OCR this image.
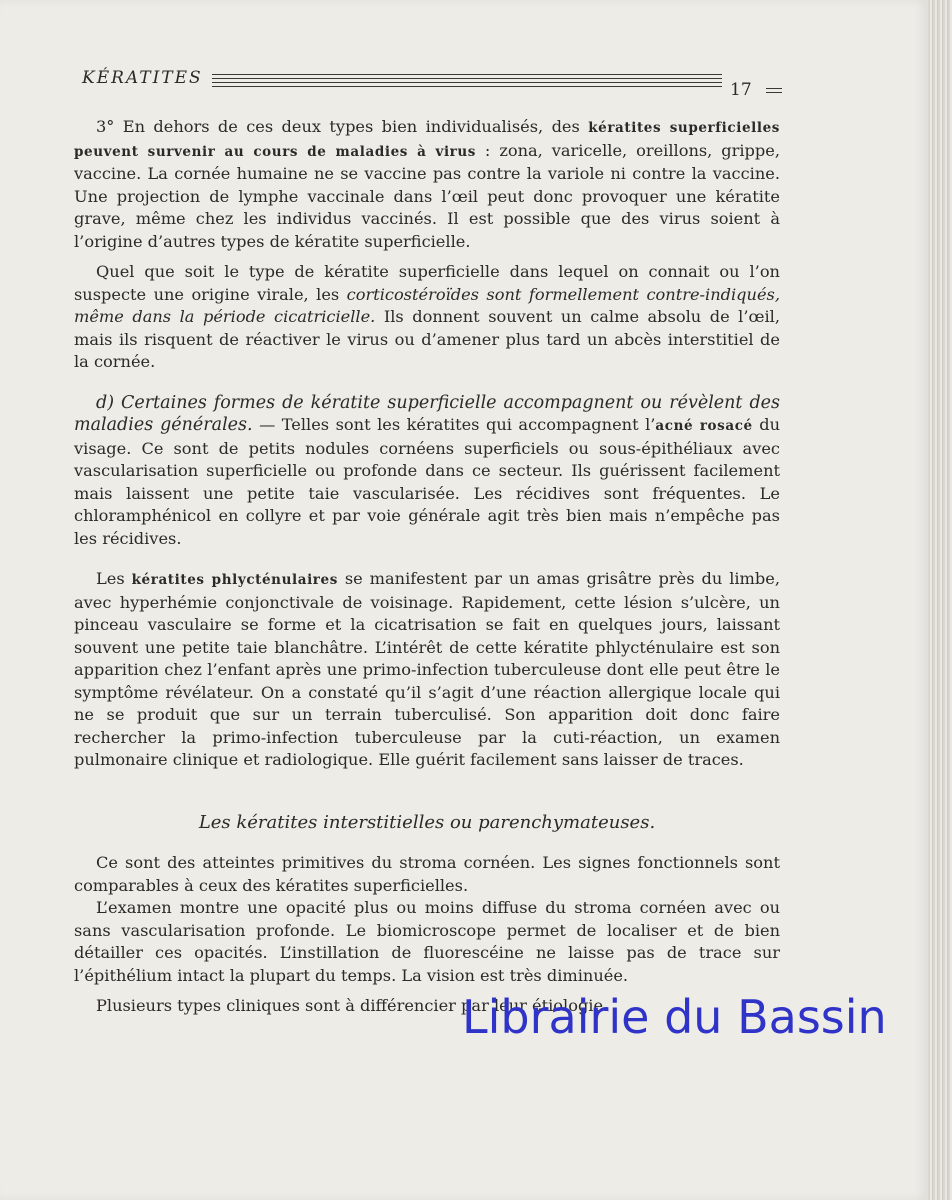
KÉRATITES
17

3° En dehors de ces deux types bien individualisés, des kératites superficielles peuvent survenir au cours de maladies à virus : zona, varicelle, oreillons, grippe, vaccine. La cornée humaine ne se vaccine pas contre la variole ni contre la vaccine. Une projection de lymphe vaccinale dans l’œil peut donc provoquer une kératite grave, même chez les individus vaccinés. Il est possible que des virus soient à l’origine d’autres types de kératite superficielle.

Quel que soit le type de kératite superficielle dans lequel on connait ou l’on suspecte une origine virale, les corticostéroïdes sont formellement contre-indiqués, même dans la période cicatricielle. Ils donnent souvent un calme absolu de l’œil, mais ils risquent de réactiver le virus ou d’amener plus tard un abcès interstitiel de la cornée.

d) Certaines formes de kératite superficielle accompagnent ou révèlent des maladies générales. — Telles sont les kératites qui accompagnent l’acné rosacé du visage. Ce sont de petits nodules cornéens superficiels ou sous-épithéliaux avec vascularisation superficielle ou profonde dans ce secteur. Ils guérissent facilement mais laissent une petite taie vascularisée. Les récidives sont fréquentes. Le chloramphénicol en collyre et par voie générale agit très bien mais n’empêche pas les récidives.

Les kératites phlycténulaires se manifestent par un amas grisâtre près du limbe, avec hyperhémie conjonctivale de voisinage. Rapidement, cette lésion s’ulcère, un pinceau vasculaire se forme et la cicatrisation se fait en quelques jours, laissant souvent une petite taie blanchâtre. L’intérêt de cette kératite phlycténulaire est son apparition chez l’enfant après une primo-infection tuberculeuse dont elle peut être le symptôme révélateur. On a constaté qu’il s’agit d’une réaction allergique locale qui ne se produit que sur un terrain tuberculisé. Son apparition doit donc faire rechercher la primo-infection tuberculeuse par la cuti-réaction, un examen pulmonaire clinique et radiologique. Elle guérit facilement sans laisser de traces.

Les kératites interstitielles ou parenchymateuses.

Ce sont des atteintes primitives du stroma cornéen. Les signes fonctionnels sont comparables à ceux des kératites superficielles.

L’examen montre une opacité plus ou moins diffuse du stroma cornéen avec ou sans vascularisation profonde. Le biomicroscope permet de localiser et de bien détailler ces opacités. L’instillation de fluorescéine ne laisse pas de trace sur l’épithélium intact la plupart du temps. La vision est très diminuée.

Plusieurs types cliniques sont à différencier par leur étiologie.

Librairie du Bassin
